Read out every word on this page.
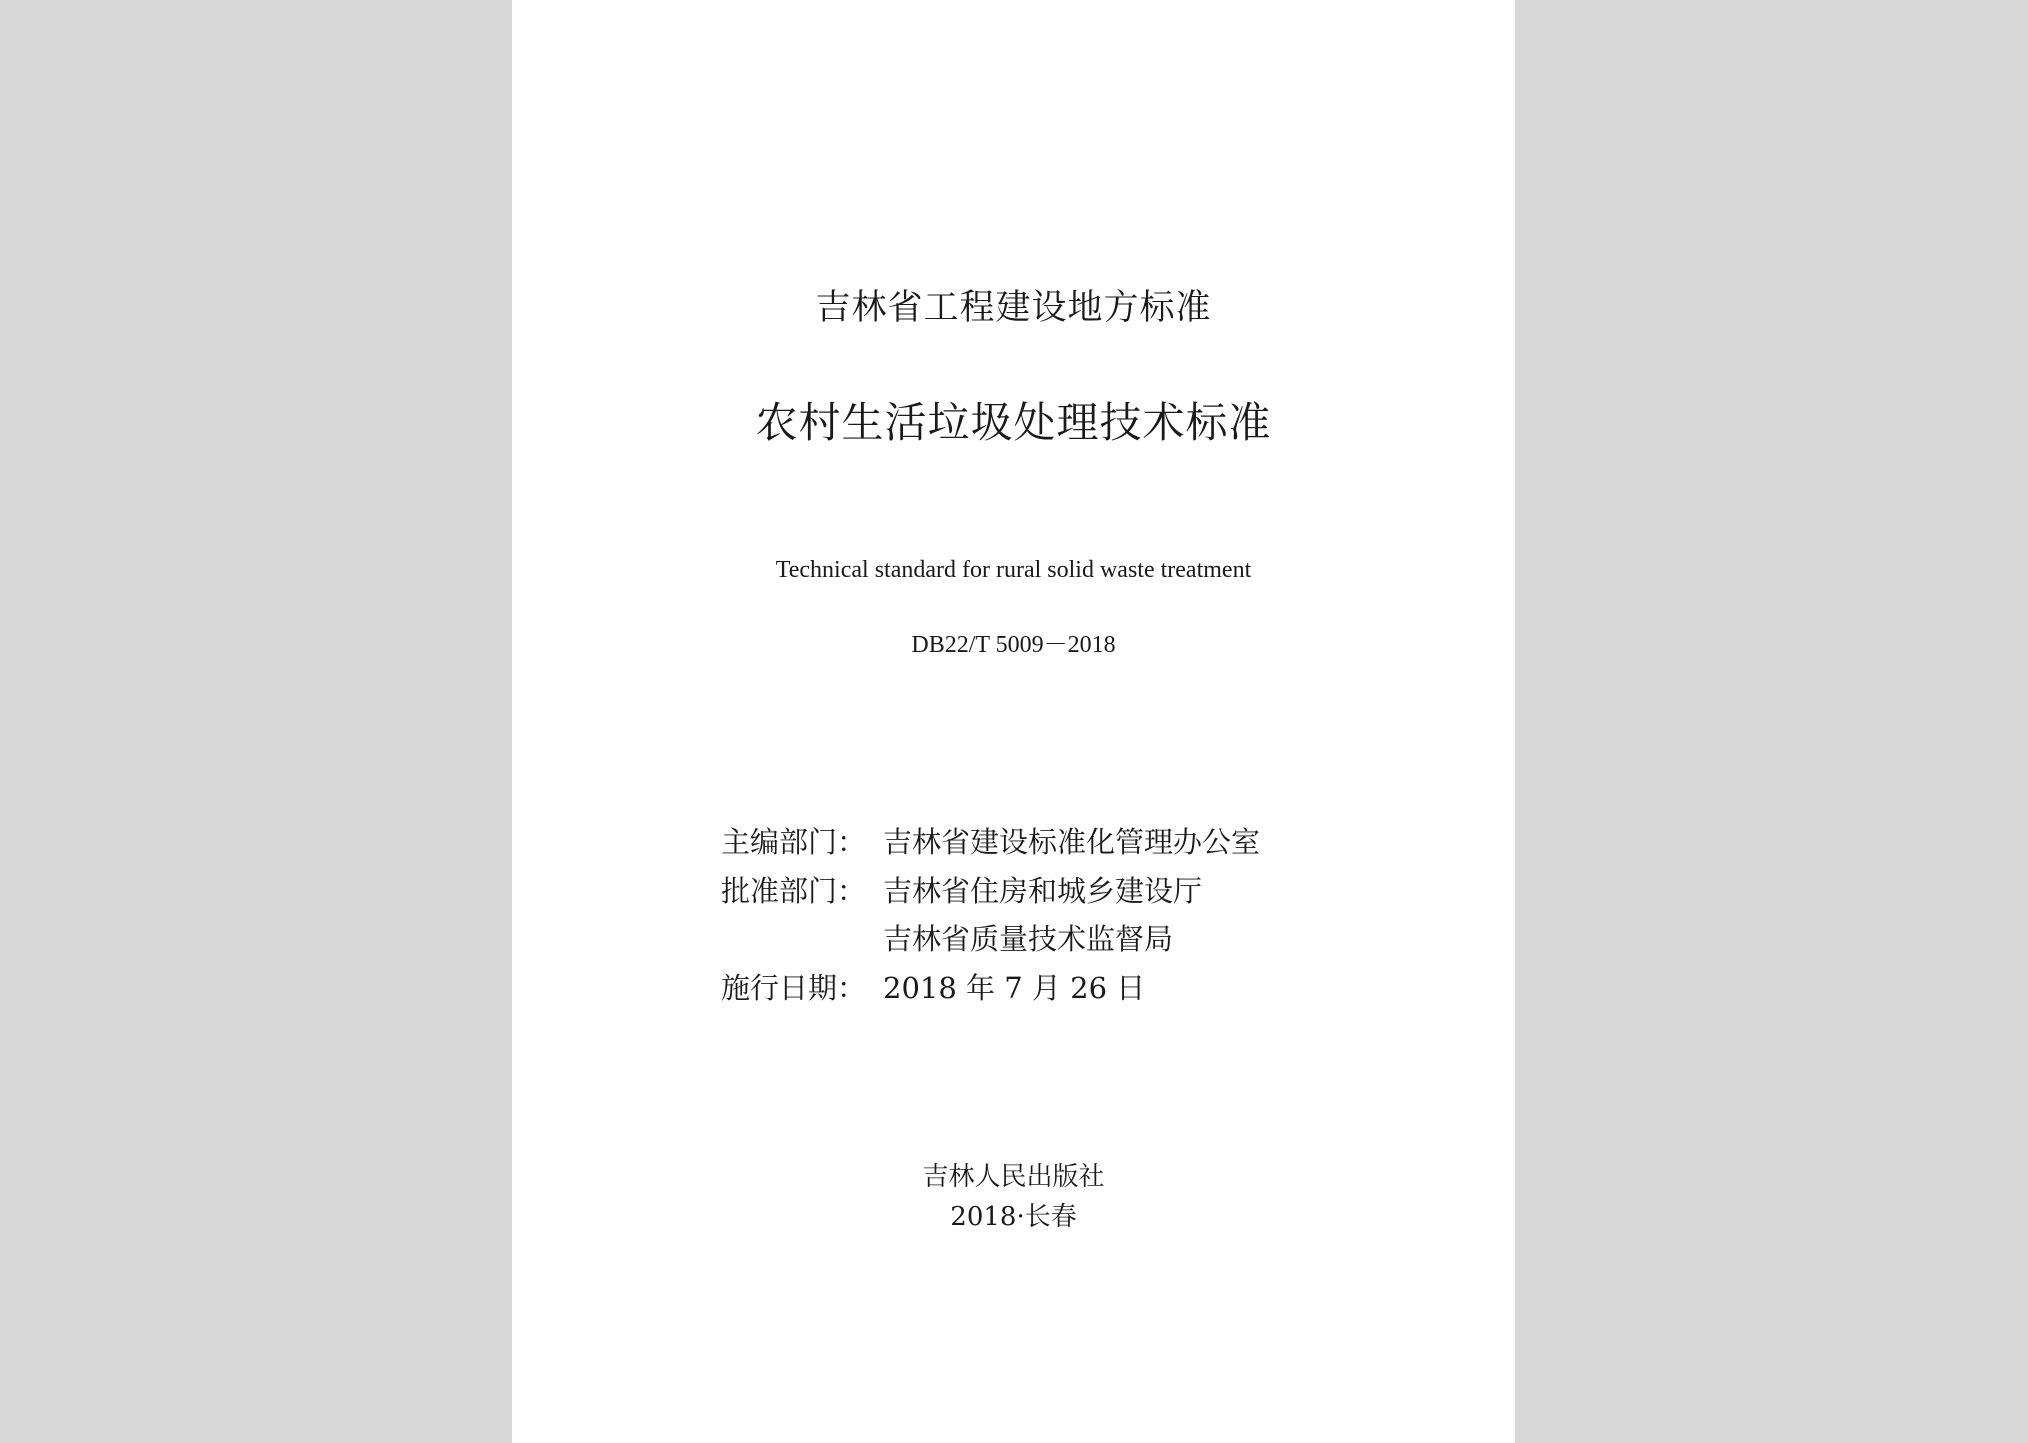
吉林省工程建设地方标准
农村生活垃圾处理技术标准
Technical standard for rural solid waste treatment
DB22/T 5009－2018
主编部门： 吉林省建设标准化管理办公室
批准部门： 吉林省住房和城乡建设厅
吉林省质量技术监督局
施行日期： 2018 年 7 月 26 日
吉林人民出版社
2018·长春
